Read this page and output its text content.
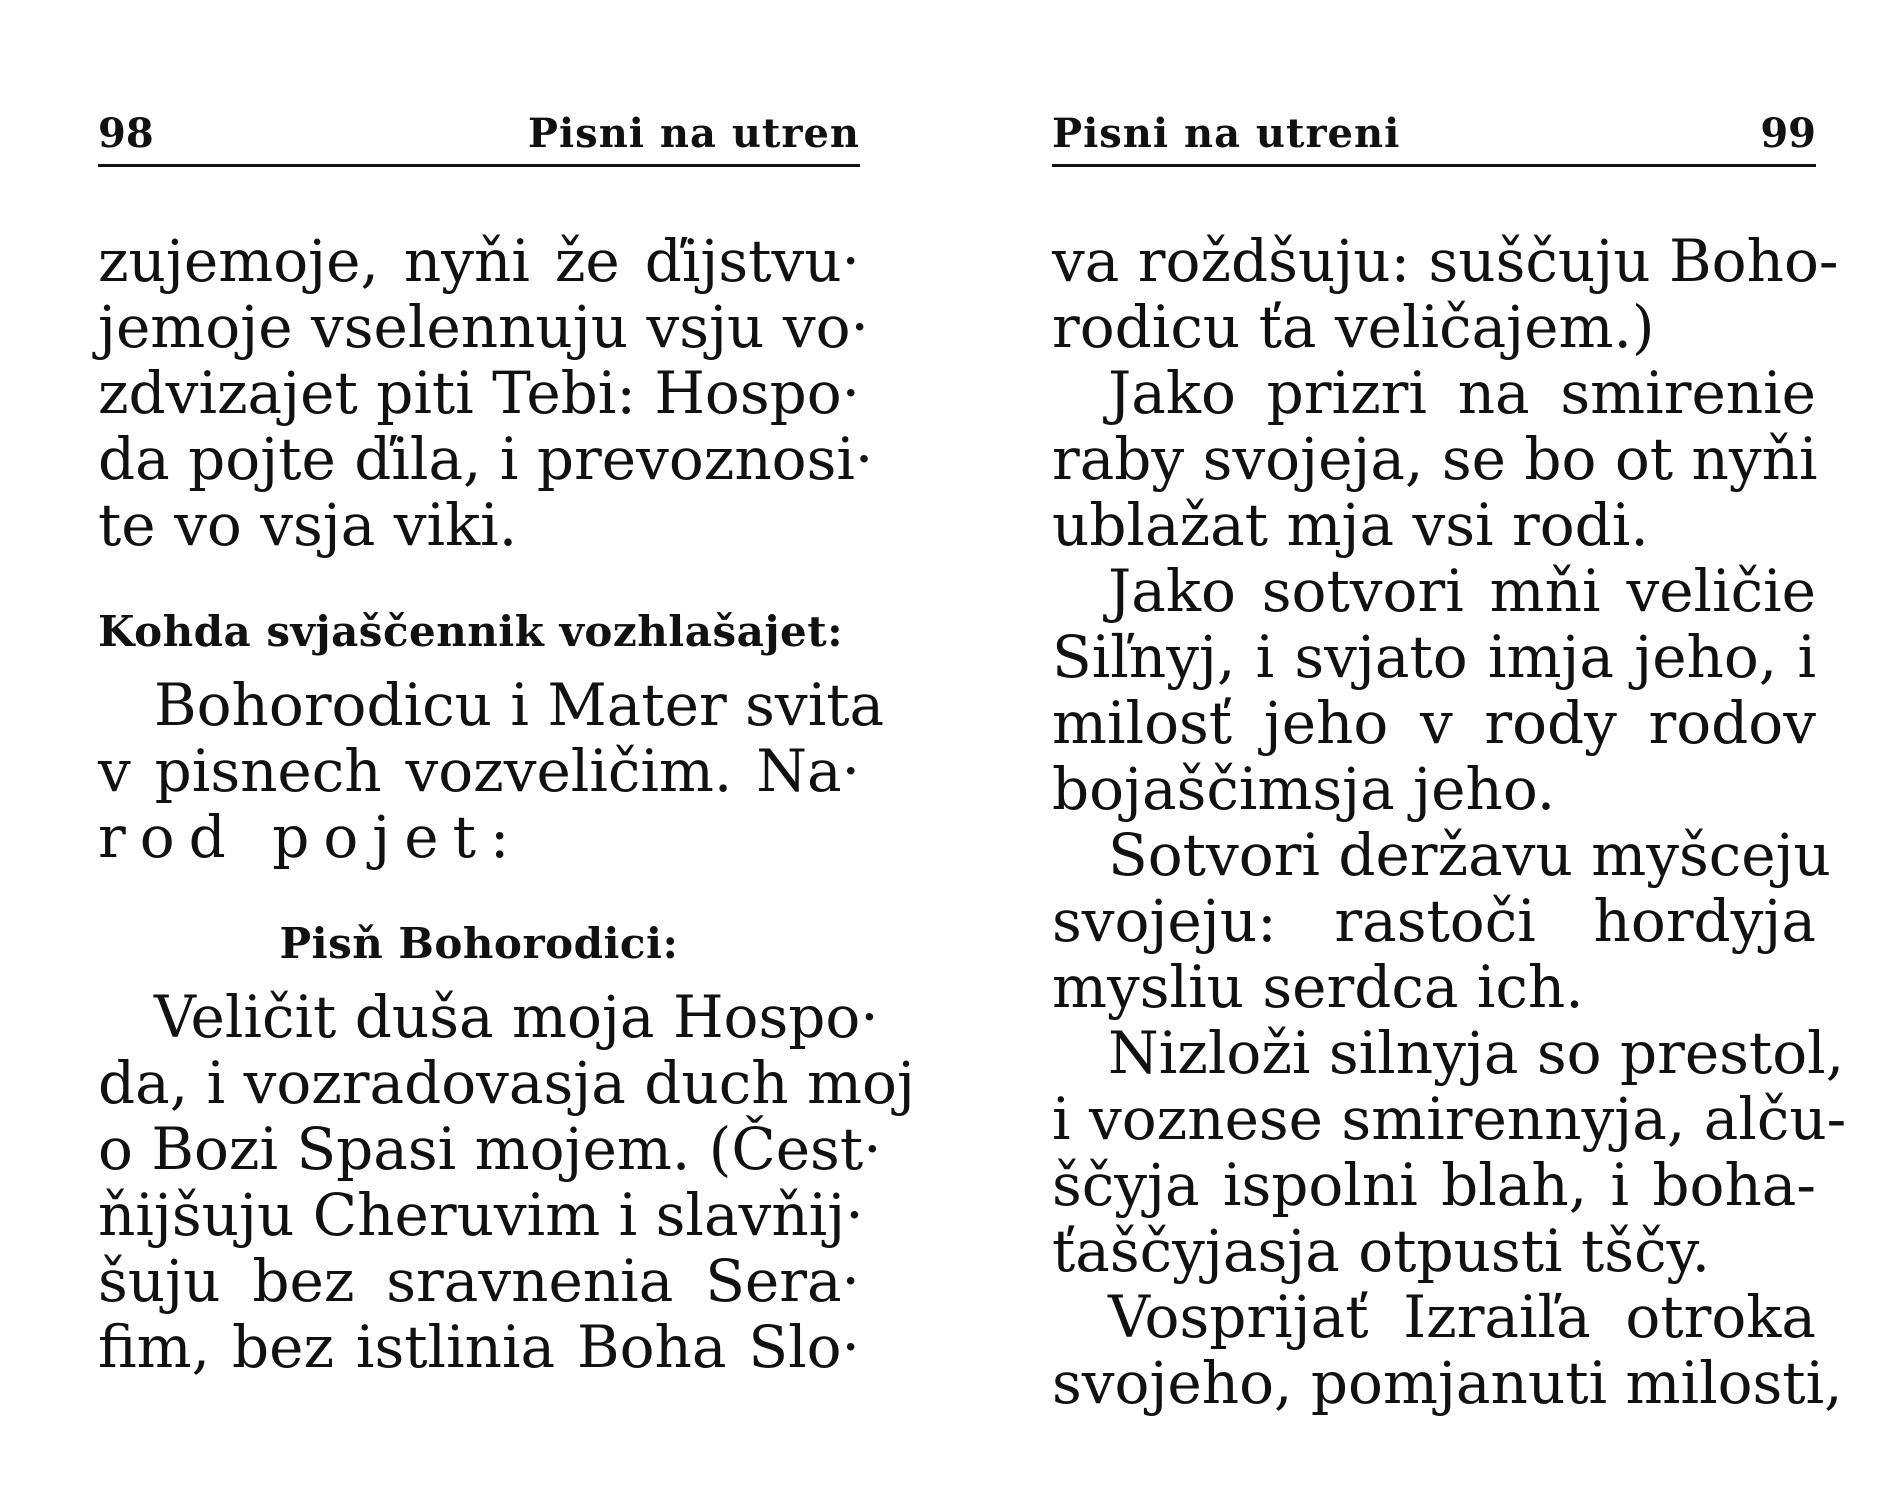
98	Pisni na utren
zujemoje, nyňi že ďijstvu·
jemoje vselennuju vsju vo·
zdvizajet piti Tebi: Hospo·
da pojte ďila, i prevoznosi·
te vo vsja viki.
Kohda svjaščennik vozhlašajet:
Bohorodicu i Mater svita
v pisnech vozveličim. Na·
rod pojet:
Pisň Bohorodici:
Veličit duša moja Hospo·
da, i vozradovasja duch moj
o Bozi Spasi mojem. (Čest·
ňijšuju Cheruvim i slavňij·
šuju bez sravnenia Sera·
fim, bez istlinia Boha Slo·
Pisni na utreni	99
va roždšuju: suščuju Boho-
rodicu ťa veličajem.)
Jako prizri na smirenie
raby svojeja, se bo ot nyňi
ublažat mja vsi rodi.
Jako sotvori mňi veličie
Siľnyj, i svjato imja jeho, i
milosť jeho v rody rodov
bojaščimsja jeho.
Sotvori deržavu myšceju
svojeju: rastoči hordyja
mysliu serdca ich.
Nizloži silnyja so prestol,
i voznese smirennyja, alču-
ščyja ispolni blah, i boha-
ťaščyjasja otpusti tščy.
Vosprijať Izraiľa otroka
svojeho, pomjanuti milosti,
